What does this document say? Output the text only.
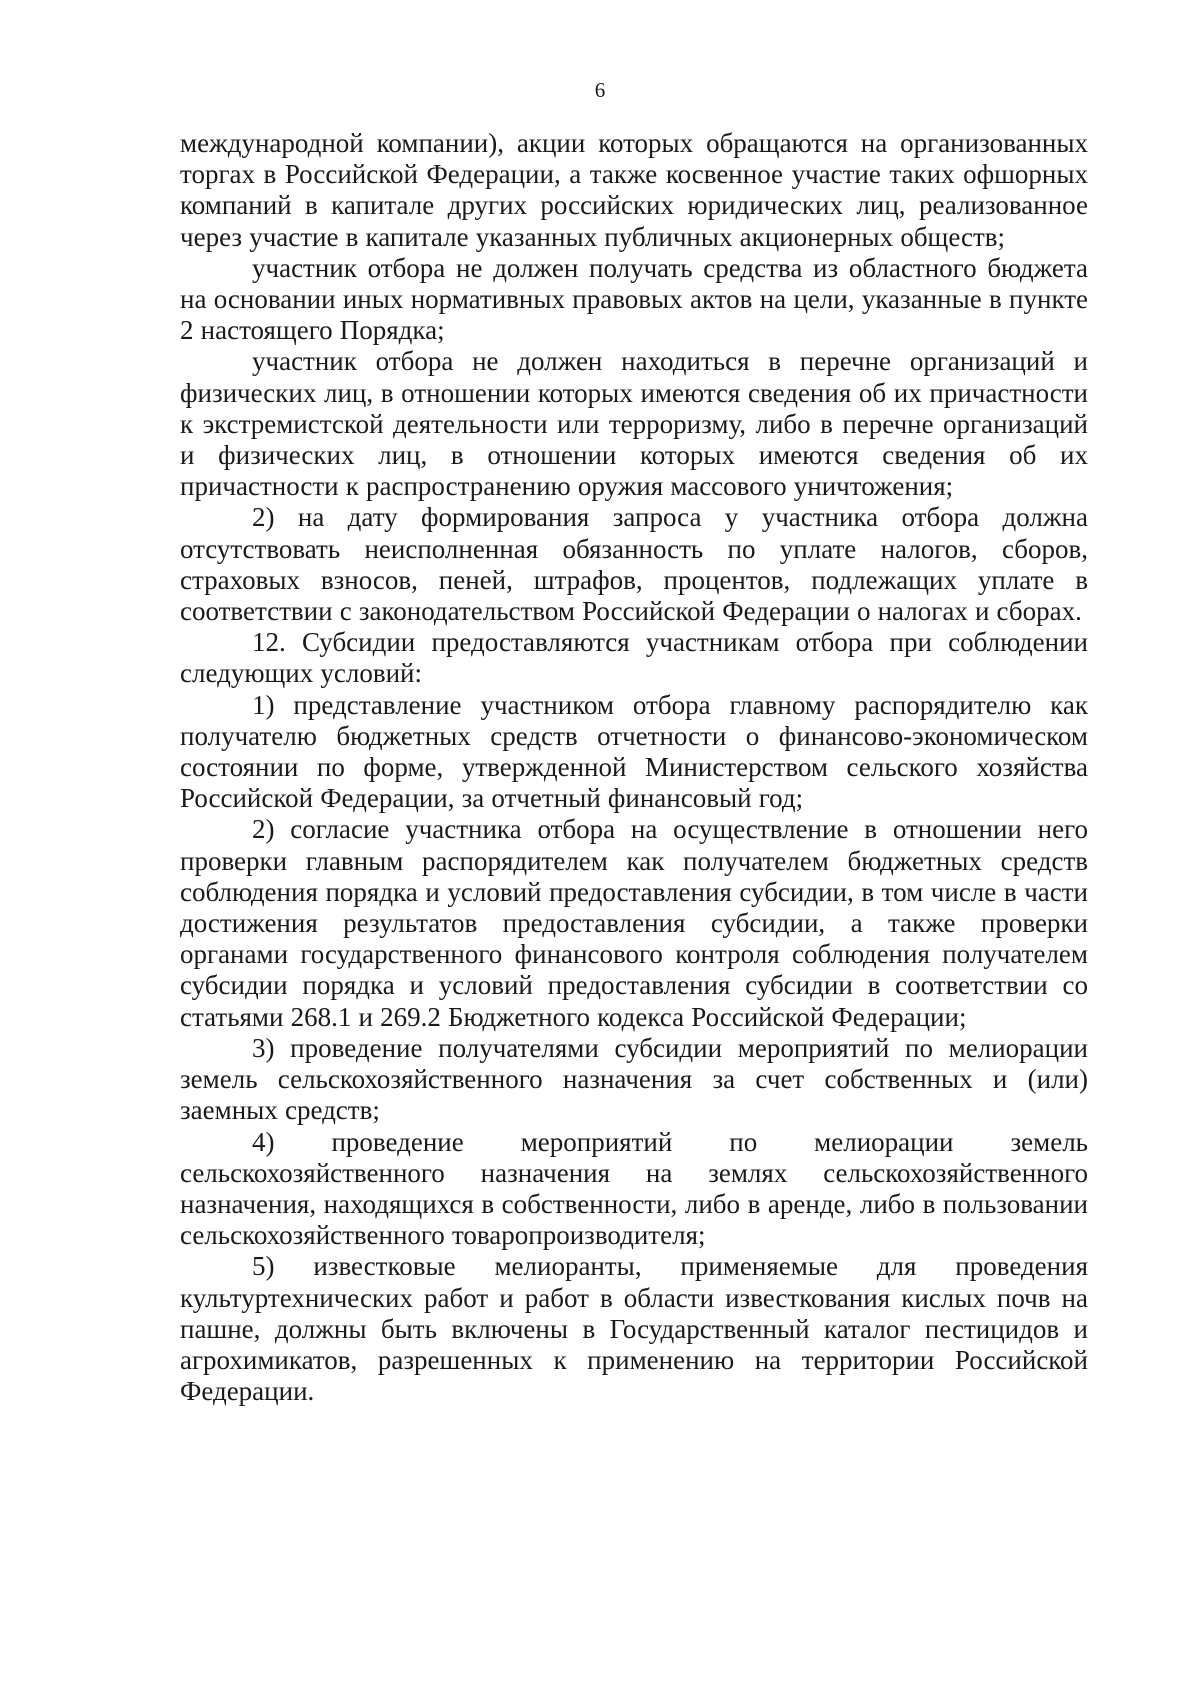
6

международной компании), акции которых обращаются на организованных торгах в Российской Федерации, а также косвенное участие таких офшорных компаний в капитале других российских юридических лиц, реализованное через участие в капитале указанных публичных акционерных обществ;

участник отбора не должен получать средства из областного бюджета на основании иных нормативных правовых актов на цели, указанные в пункте 2 настоящего Порядка;

участник отбора не должен находиться в перечне организаций и физических лиц, в отношении которых имеются сведения об их причастности к экстремистской деятельности или терроризму, либо в перечне организаций и физических лиц, в отношении которых имеются сведения об их причастности к распространению оружия массового уничтожения;

2) на дату формирования запроса у участника отбора должна отсутствовать неисполненная обязанность по уплате налогов, сборов, страховых взносов, пеней, штрафов, процентов, подлежащих уплате в соответствии с законодательством Российской Федерации о налогах и сборах.

12. Субсидии предоставляются участникам отбора при соблюдении следующих условий:

1) представление участником отбора главному распорядителю как получателю бюджетных средств отчетности о финансово-экономическом состоянии по форме, утвержденной Министерством сельского хозяйства Российской Федерации, за отчетный финансовый год;

2) согласие участника отбора на осуществление в отношении него проверки главным распорядителем как получателем бюджетных средств соблюдения порядка и условий предоставления субсидии, в том числе в части достижения результатов предоставления субсидии, а также проверки органами государственного финансового контроля соблюдения получателем субсидии порядка и условий предоставления субсидии в соответствии со статьями 268.1 и 269.2 Бюджетного кодекса Российской Федерации;

3) проведение получателями субсидии мероприятий по мелиорации земель сельскохозяйственного назначения за счет собственных и (или) заемных средств;

4) проведение мероприятий по мелиорации земель сельскохозяйственного назначения на землях сельскохозяйственного назначения, находящихся в собственности, либо в аренде, либо в пользовании сельскохозяйственного товаропроизводителя;

5) известковые мелиоранты, применяемые для проведения культуртехнических работ и работ в области известкования кислых почв на пашне, должны быть включены в Государственный каталог пестицидов и агрохимикатов, разрешенных к применению на территории Российской Федерации.
